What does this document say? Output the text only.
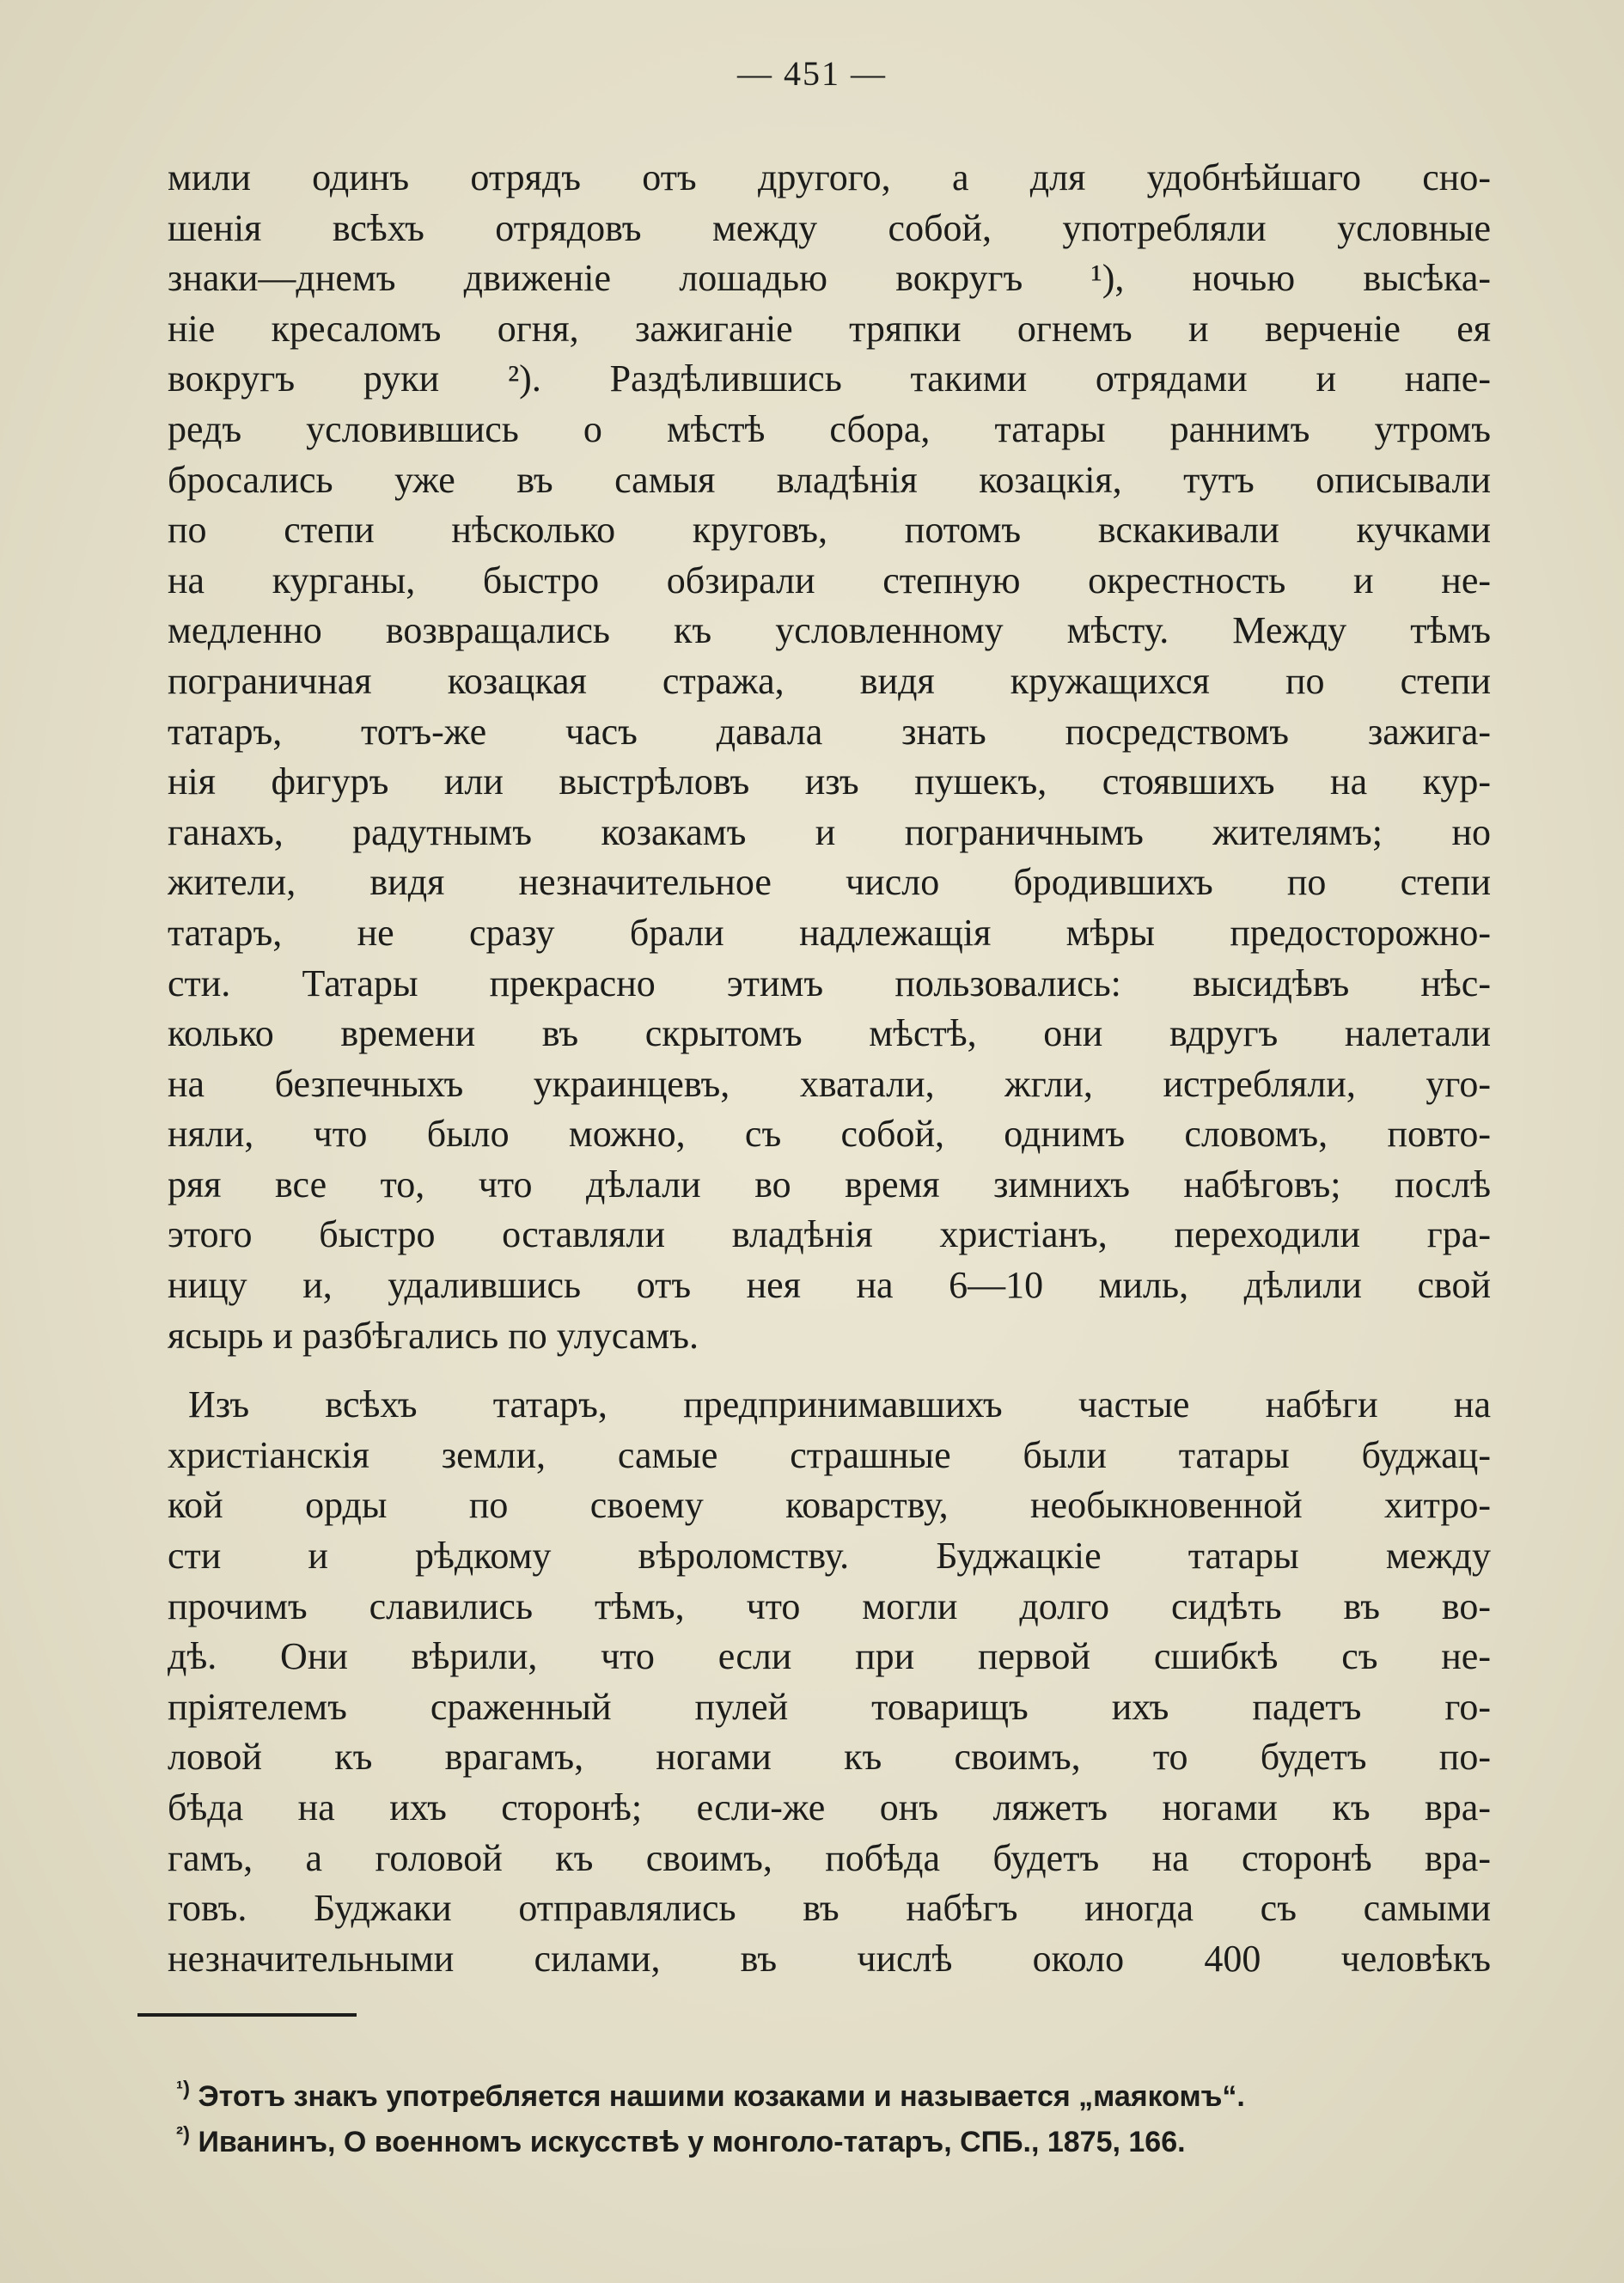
— 451 —
мили одинъ отрядъ отъ другого, а для удобнѣйшаго сно-
шенія всѣхъ отрядовъ между собой, употребляли условные
знаки—днемъ движеніе лошадью вокругъ ¹), ночью высѣка-
ніе кресаломъ огня, зажиганіе тряпки огнемъ и верченіе ея
вокругъ руки ²). Раздѣлившись такими отрядами и напе-
редъ условившись о мѣстѣ сбора, татары раннимъ утромъ
бросались уже въ самыя владѣнія козацкія, тутъ описывали
по степи нѣсколько круговъ, потомъ вскакивали кучками
на курганы, быстро обзирали степную окрестность и не-
медленно возвращались къ условленному мѣсту. Между тѣмъ
пограничная козацкая стража, видя кружащихся по степи
татаръ, тотъ-же часъ давала знать посредствомъ зажига-
нія фигуръ или выстрѣловъ изъ пушекъ, стоявшихъ на кур-
ганахъ, радутнымъ козакамъ и пограничнымъ жителямъ; но
жители, видя незначительное число бродившихъ по степи
татаръ, не сразу брали надлежащія мѣры предосторожно-
сти. Татары прекрасно этимъ пользовались: высидѣвъ нѣс-
колько времени въ скрытомъ мѣстѣ, они вдругъ налетали
на безпечныхъ украинцевъ, хватали, жгли, истребляли, уго-
няли, что было можно, съ собой, однимъ словомъ, повто-
ряя все то, что дѣлали во время зимнихъ набѣговъ; послѣ
этого быстро оставляли владѣнія христіанъ, переходили гра-
ницу и, удалившись отъ нея на 6—10 миль, дѣлили свой
ясырь и разбѣгались по улусамъ.
Изъ всѣхъ татаръ, предпринимавшихъ частые набѣги на
христіанскія земли, самые страшные были татары буджац-
кой орды по своему коварству, необыкновенной хитро-
сти и рѣдкому вѣроломству. Буджацкіе татары между
прочимъ славились тѣмъ, что могли долго сидѣть въ во-
дѣ. Они вѣрили, что если при первой сшибкѣ съ не-
пріятелемъ сраженный пулей товарищъ ихъ падетъ го-
ловой къ врагамъ, ногами къ своимъ, то будетъ по-
бѣда на ихъ сторонѣ; если-же онъ ляжетъ ногами къ вра-
гамъ, а головой къ своимъ, побѣда будетъ на сторонѣ вра-
говъ. Буджаки отправлялись въ набѣгъ иногда съ самыми
незначительными силами, въ числѣ около 400 человѣкъ
$^{^1)}$ Этотъ знакъ употребляется нашими козаками и называется „маякомъ“.
$^{^2)}$ Иванинъ, О военномъ искусствѣ у монголо-татаръ, СПБ., 1875, 166.
